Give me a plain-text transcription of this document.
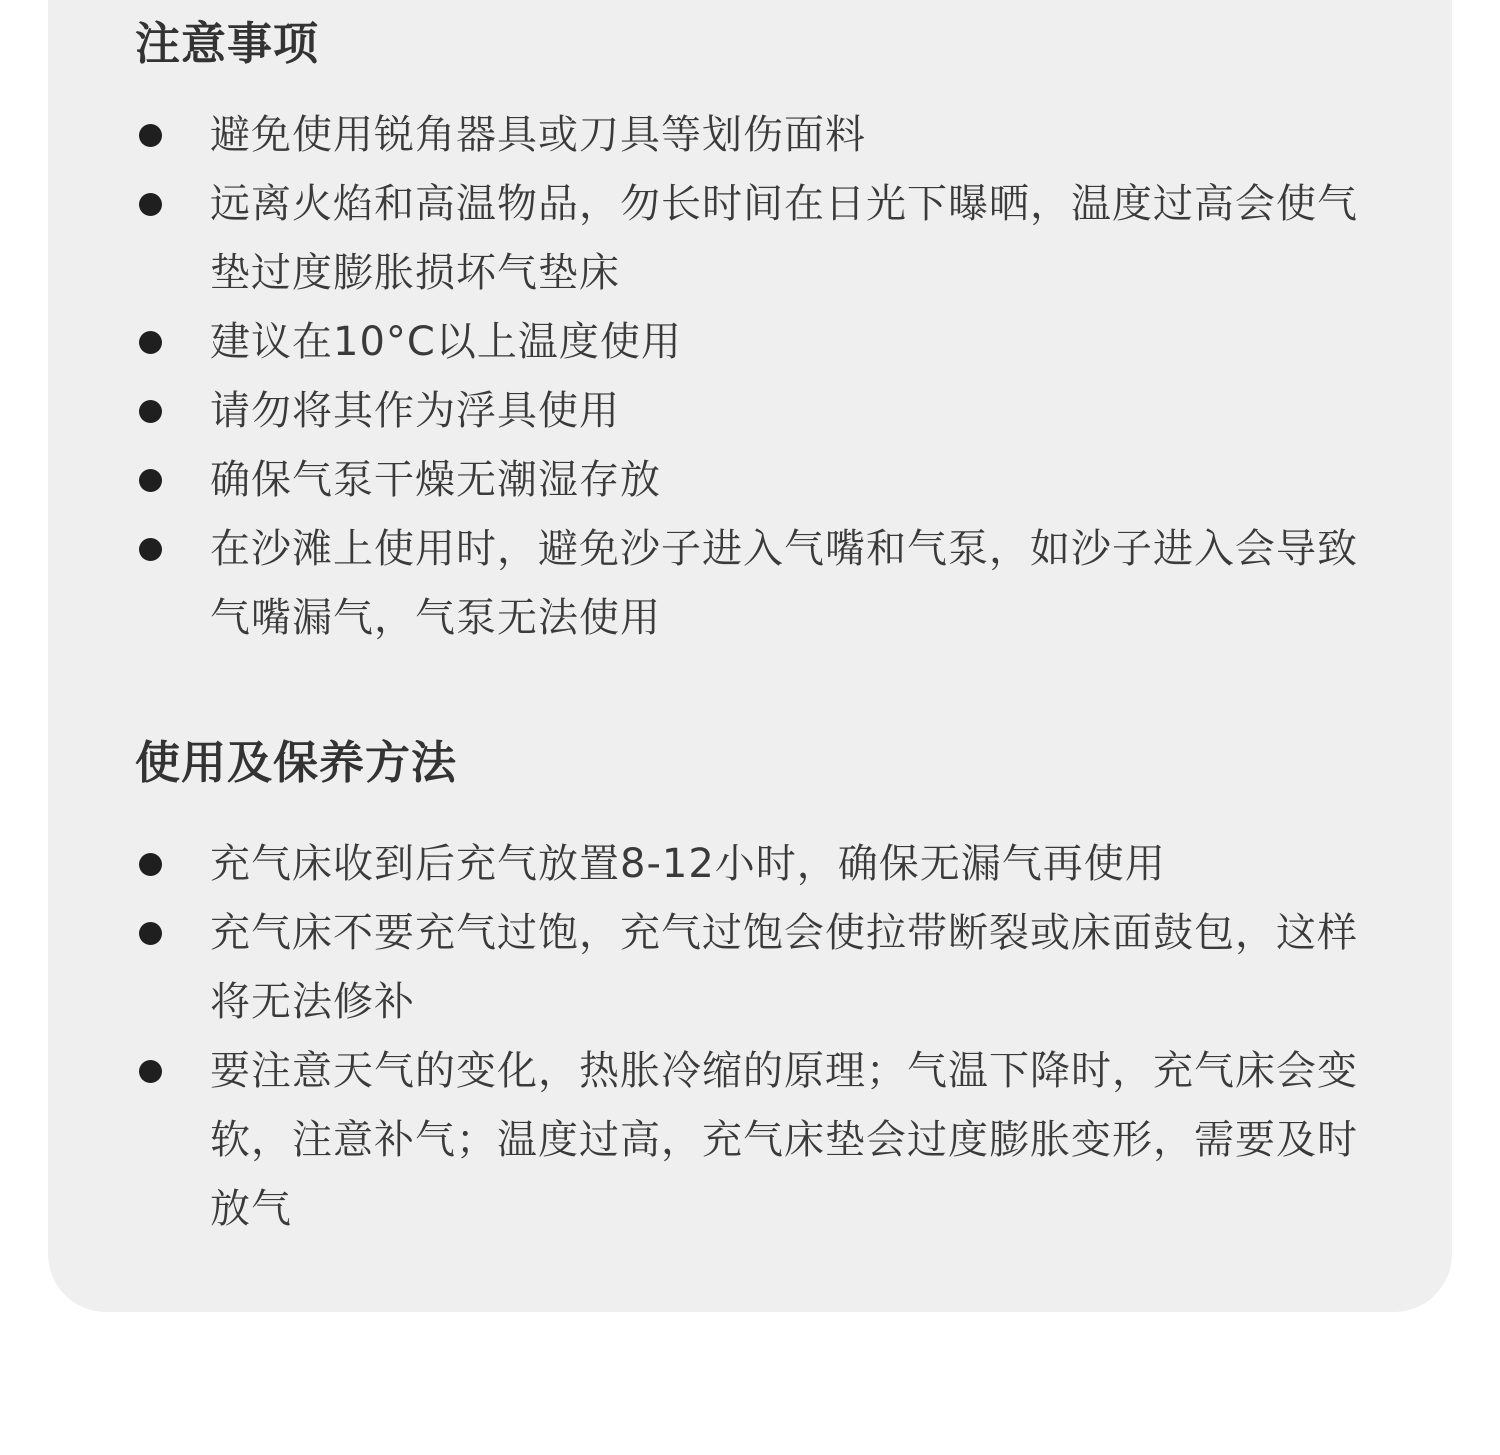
注意事项
避免使用锐角器具或刀具等划伤面料
远离火焰和高温物品，勿长时间在日光下曝晒，温度过高会使气垫过度膨胀损坏气垫床
建议在10°C以上温度使用
请勿将其作为浮具使用
确保气泵干燥无潮湿存放
在沙滩上使用时，避免沙子进入气嘴和气泵，如沙子进入会导致气嘴漏气，气泵无法使用
使用及保养方法
充气床收到后充气放置8-12小时，确保无漏气再使用
充气床不要充气过饱，充气过饱会使拉带断裂或床面鼓包，这样将无法修补
要注意天气的变化，热胀冷缩的原理；气温下降时，充气床会变软，注意补气；温度过高，充气床垫会过度膨胀变形，需要及时放气
